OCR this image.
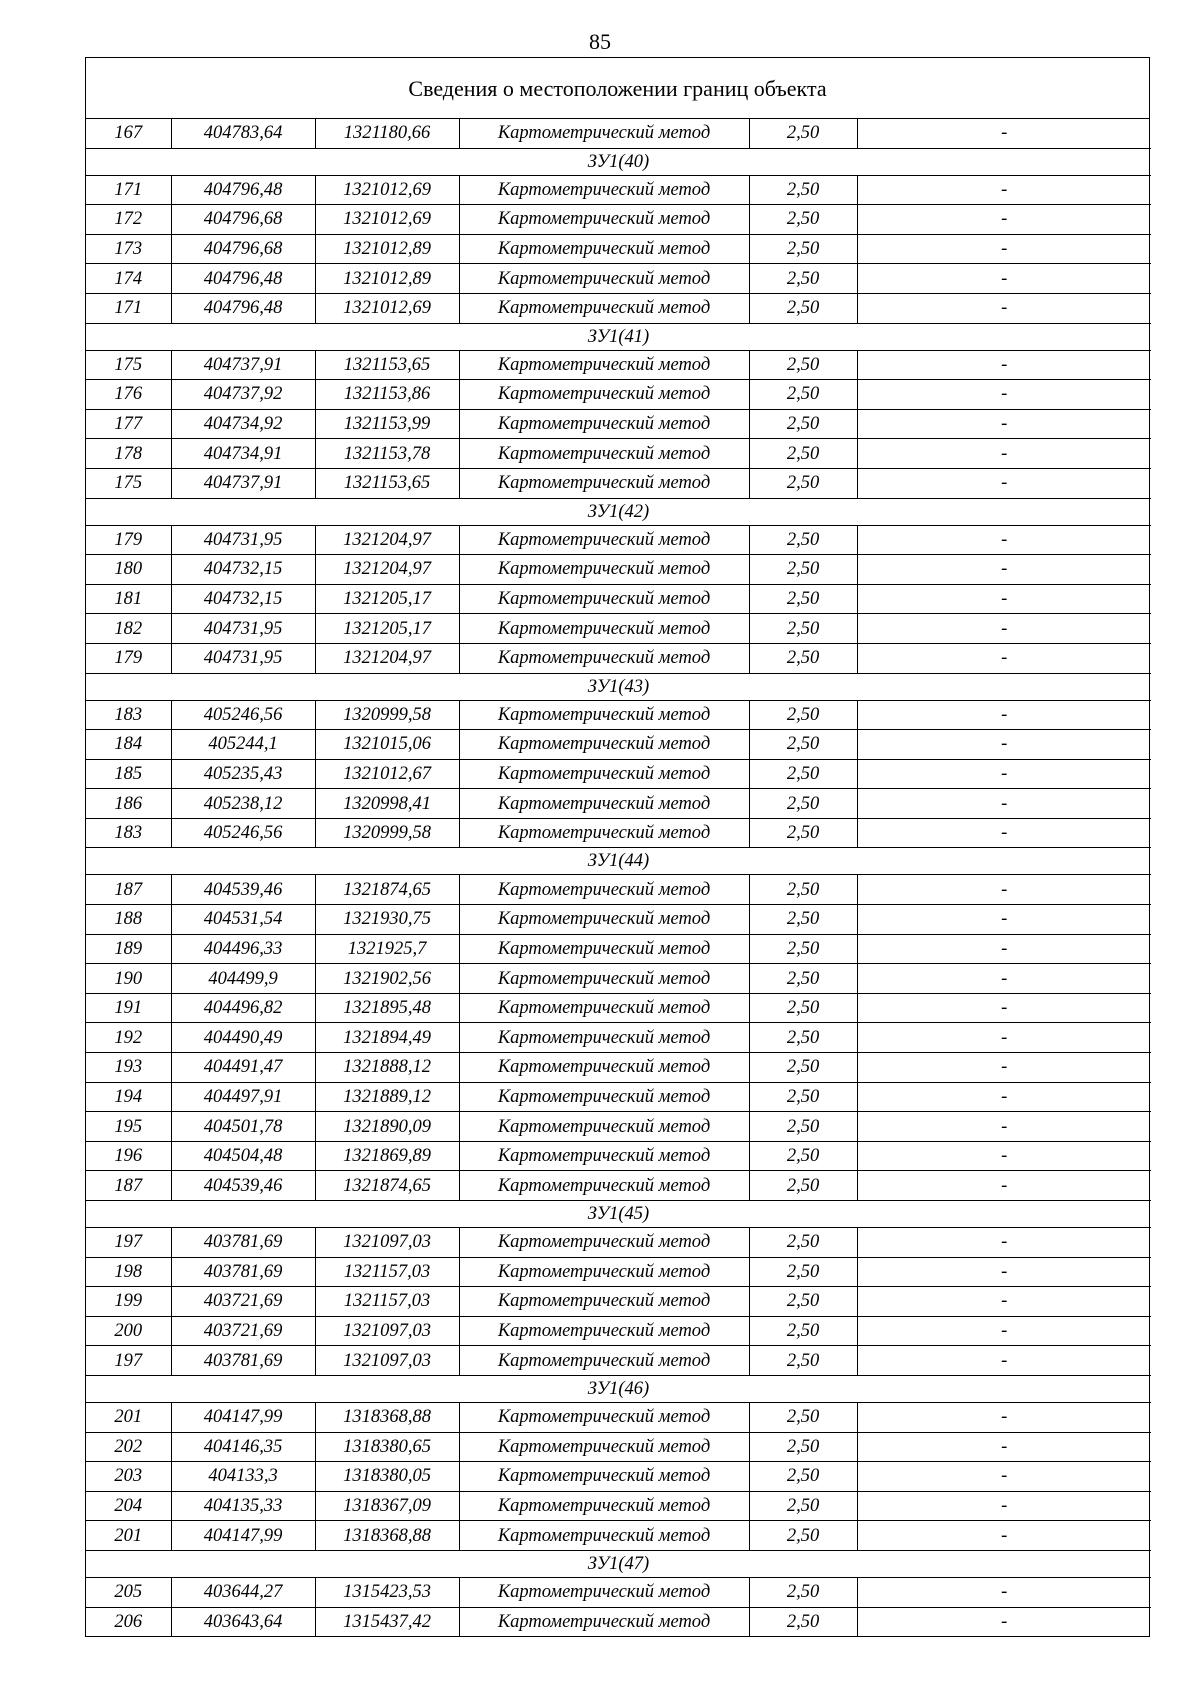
85
Сведения о местоположении границ объекта
167	404783,64	1321180,66	Картометрический метод	2,50	-
ЗУ1(40)					
171	404796,48	1321012,69	Картометрический метод	2,50	-
172	404796,68	1321012,69	Картометрический метод	2,50	-
173	404796,68	1321012,89	Картометрический метод	2,50	-
174	404796,48	1321012,89	Картометрический метод	2,50	-
171	404796,48	1321012,69	Картометрический метод	2,50	-
ЗУ1(41)					
175	404737,91	1321153,65	Картометрический метод	2,50	-
176	404737,92	1321153,86	Картометрический метод	2,50	-
177	404734,92	1321153,99	Картометрический метод	2,50	-
178	404734,91	1321153,78	Картометрический метод	2,50	-
175	404737,91	1321153,65	Картометрический метод	2,50	-
ЗУ1(42)					
179	404731,95	1321204,97	Картометрический метод	2,50	-
180	404732,15	1321204,97	Картометрический метод	2,50	-
181	404732,15	1321205,17	Картометрический метод	2,50	-
182	404731,95	1321205,17	Картометрический метод	2,50	-
179	404731,95	1321204,97	Картометрический метод	2,50	-
ЗУ1(43)					
183	405246,56	1320999,58	Картометрический метод	2,50	-
184	405244,1	1321015,06	Картометрический метод	2,50	-
185	405235,43	1321012,67	Картометрический метод	2,50	-
186	405238,12	1320998,41	Картометрический метод	2,50	-
183	405246,56	1320999,58	Картометрический метод	2,50	-
ЗУ1(44)					
187	404539,46	1321874,65	Картометрический метод	2,50	-
188	404531,54	1321930,75	Картометрический метод	2,50	-
189	404496,33	1321925,7	Картометрический метод	2,50	-
190	404499,9	1321902,56	Картометрический метод	2,50	-
191	404496,82	1321895,48	Картометрический метод	2,50	-
192	404490,49	1321894,49	Картометрический метод	2,50	-
193	404491,47	1321888,12	Картометрический метод	2,50	-
194	404497,91	1321889,12	Картометрический метод	2,50	-
195	404501,78	1321890,09	Картометрический метод	2,50	-
196	404504,48	1321869,89	Картометрический метод	2,50	-
187	404539,46	1321874,65	Картометрический метод	2,50	-
ЗУ1(45)					
197	403781,69	1321097,03	Картометрический метод	2,50	-
198	403781,69	1321157,03	Картометрический метод	2,50	-
199	403721,69	1321157,03	Картометрический метод	2,50	-
200	403721,69	1321097,03	Картометрический метод	2,50	-
197	403781,69	1321097,03	Картометрический метод	2,50	-
ЗУ1(46)					
201	404147,99	1318368,88	Картометрический метод	2,50	-
202	404146,35	1318380,65	Картометрический метод	2,50	-
203	404133,3	1318380,05	Картометрический метод	2,50	-
204	404135,33	1318367,09	Картометрический метод	2,50	-
201	404147,99	1318368,88	Картометрический метод	2,50	-
ЗУ1(47)					
205	403644,27	1315423,53	Картометрический метод	2,50	-
206	403643,64	1315437,42	Картометрический метод	2,50	-
